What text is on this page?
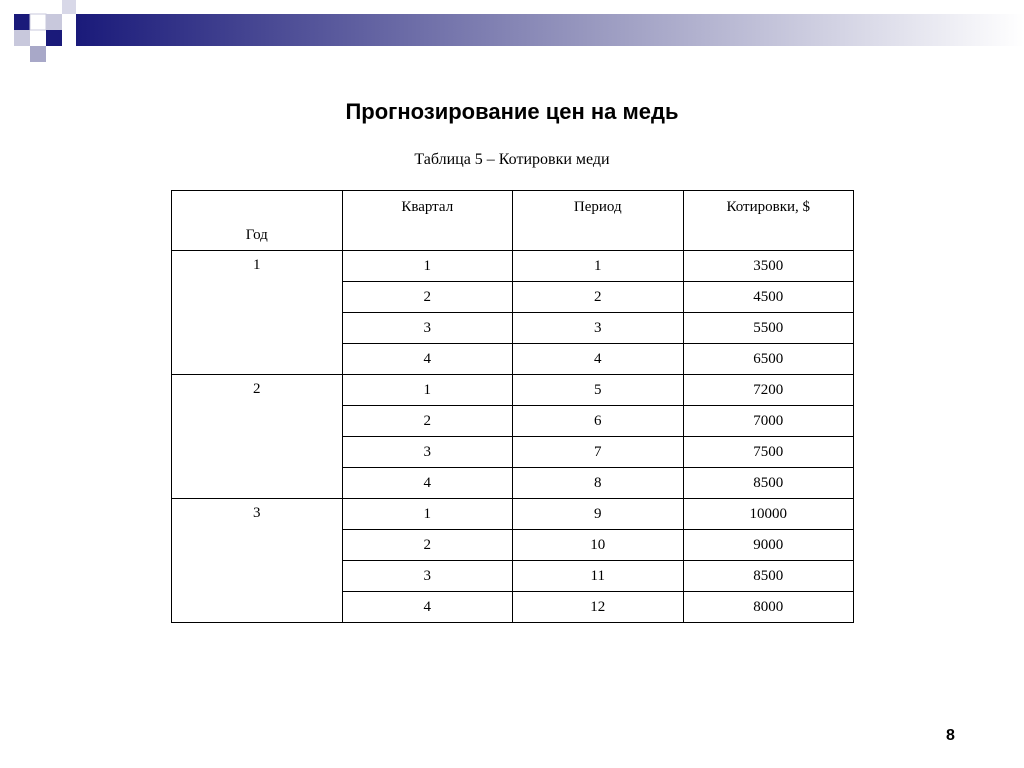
Прогнозирование цен на медь
Таблица 5 – Котировки меди
Год	Квартал	Период	Котировки, $
1	1	1	3500
	2	2	4500
	3	3	5500
	4	4	6500
2	1	5	7200
	2	6	7000
	3	7	7500
	4	8	8500
3	1	9	10000
	2	10	9000
	3	11	8500
	4	12	8000
8
